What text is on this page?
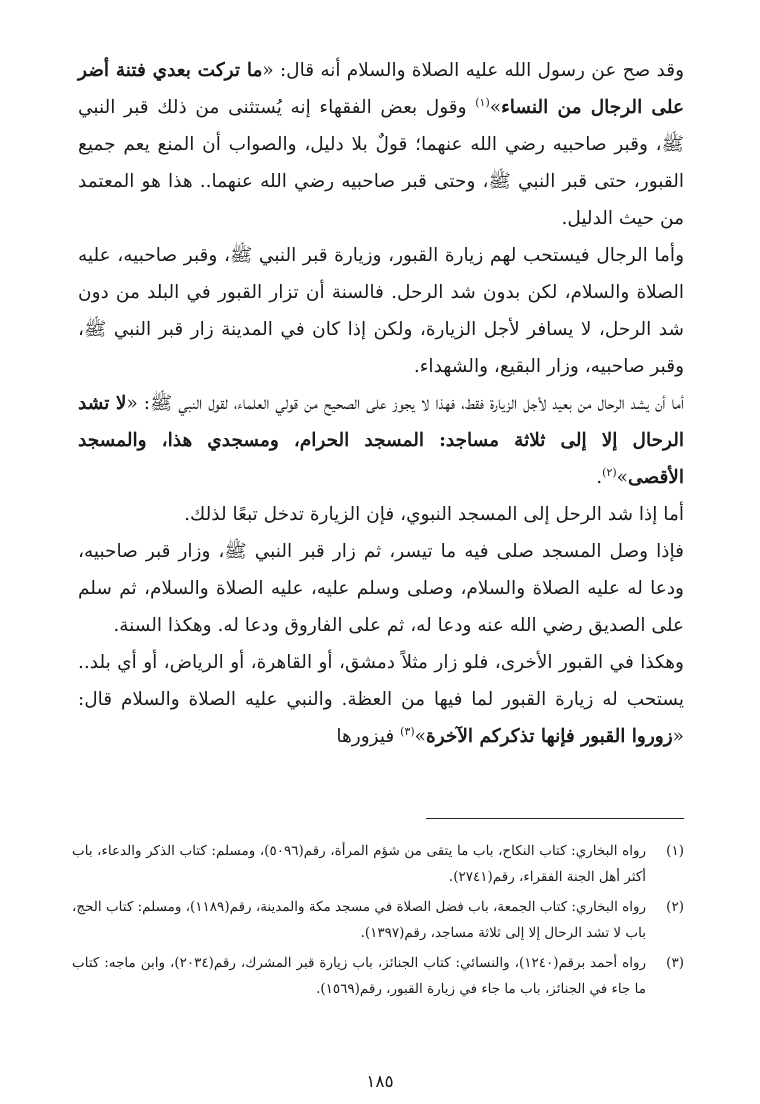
وقد صح عن رسول الله عليه الصلاة والسلام أنه قال: «ما تركت بعدي فتنة أضر على الرجال من النساء»$^{(١)}$ وقول بعض الفقهاء إنه يُستثنى من ذلك قبر النبي ﷺ، وقبر صاحبيه رضي الله عنهما؛ قولٌ بلا دليل، والصواب أن المنع يعم جميع القبور، حتى قبر النبي ﷺ، وحتى قبر صاحبيه رضي الله عنهما.. هذا هو المعتمد من حيث الدليل.

وأما الرجال فيستحب لهم زيارة القبور، وزيارة قبر النبي ﷺ، وقبر صاحبيه، عليه الصلاة والسلام، لكن بدون شد الرحل. فالسنة أن تزار القبور في البلد من دون شد الرحل، لا يسافر لأجل الزيارة، ولكن إذا كان في المدينة زار قبر النبي ﷺ، وقبر صاحبيه، وزار البقيع، والشهداء.

أما أن يشد الرحال من بعيد لأجل الزيارة فقط، فهذا لا يجوز على الصحيح من قولي العلماء، لقول النبي ﷺ: «لا تشد الرحال إلا إلى ثلاثة مساجد: المسجد الحرام، ومسجدي هذا، والمسجد الأقصى»$^{(٢)}$.

أما إذا شد الرحل إلى المسجد النبوي، فإن الزيارة تدخل تبعًا لذلك.

فإذا وصل المسجد صلى فيه ما تيسر، ثم زار قبر النبي ﷺ، وزار قبر صاحبيه، ودعا له عليه الصلاة والسلام، وصلى وسلم عليه، عليه الصلاة والسلام، ثم سلم على الصديق رضي الله عنه ودعا له، ثم على الفاروق ودعا له. وهكذا السنة.

وهكذا في القبور الأخرى، فلو زار مثلاً دمشق، أو القاهرة، أو الرياض، أو أي بلد.. يستحب له زيارة القبور لما فيها من العظة. والنبي عليه الصلاة والسلام قال: «زوروا القبور فإنها تذكركم الآخرة»$^{(٣)}$ فيزورها

(١)
رواه البخاري: كتاب النكاح، باب ما يتقى من شؤم المرأة، رقم(٥٠٩٦)، ومسلم: كتاب الذكر والدعاء، باب أكثر أهل الجنة الفقراء، رقم(٢٧٤١).
(٢)
رواه البخاري: كتاب الجمعة، باب فضل الصلاة في مسجد مكة والمدينة، رقم(١١٨٩)، ومسلم: كتاب الحج، باب لا تشد الرحال إلا إلى ثلاثة مساجد، رقم(١٣٩٧).
(٣)
رواه أحمد برقم(١٢٤٠)، والنسائي: كتاب الجنائز، باب زيارة قبر المشرك، رقم(٢٠٣٤)، وابن ماجه: كتاب ما جاء في الجنائز، باب ما جاء في زيارة القبور، رقم(١٥٦٩).
١٨٥
